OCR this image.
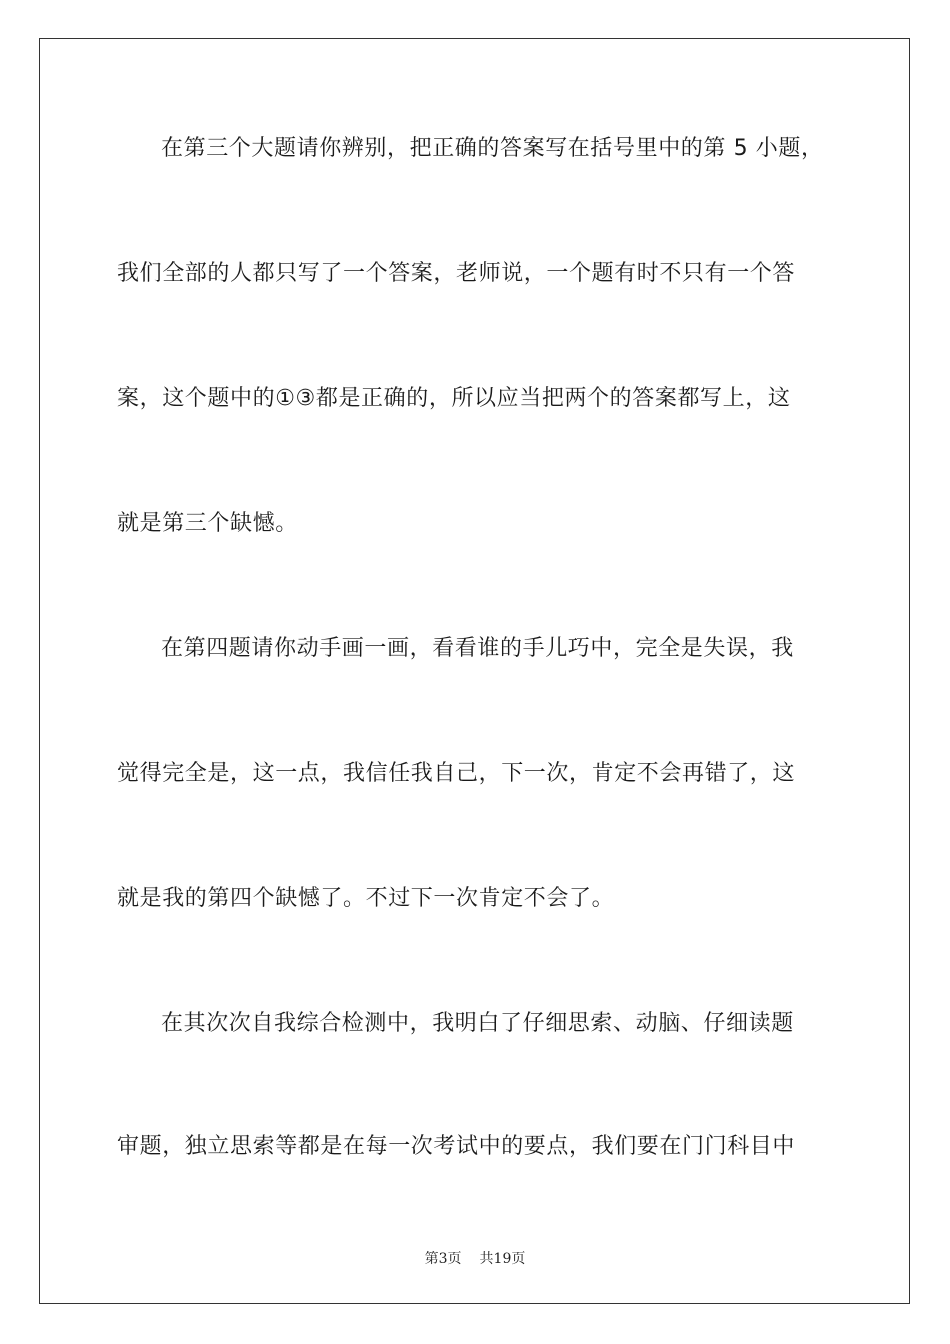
在第三个大题请你辨别，把正确的答案写在括号里中的第 5 小题，
我们全部的人都只写了一个答案，老师说，一个题有时不只有一个答
案，这个题中的①③都是正确的，所以应当把两个的答案都写上，这
就是第三个缺憾。
在第四题请你动手画一画，看看谁的手儿巧中，完全是失误，我
觉得完全是，这一点，我信任我自己，下一次，肯定不会再错了，这
就是我的第四个缺憾了。不过下一次肯定不会了。
在其次次自我综合检测中，我明白了仔细思索、动脑、仔细读题
审题，独立思索等都是在每一次考试中的要点，我们要在门门科目中
第3页 共19页
